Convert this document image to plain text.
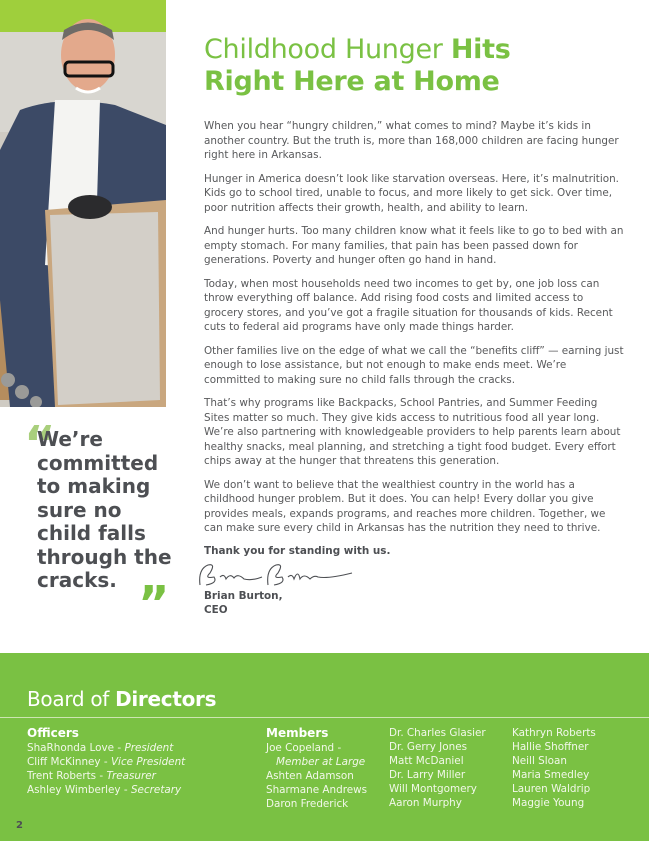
Childhood Hunger Hits
Right Here at Home

When you hear “hungry children,” what comes to mind? Maybe it’s kids in another country. But the truth is, more than 168,000 children are facing hunger right here in Arkansas.

Hunger in America doesn’t look like starvation overseas. Here, it’s malnutrition. Kids go to school tired, unable to focus, and more likely to get sick. Over time, poor nutrition affects their growth, health, and ability to learn.

And hunger hurts. Too many children know what it feels like to go to bed with an empty stomach. For many families, that pain has been passed down for generations. Poverty and hunger often go hand in hand.

Today, when most households need two incomes to get by, one job loss can throw everything off balance. Add rising food costs and limited access to grocery stores, and you’ve got a fragile situation for thousands of kids. Recent cuts to federal aid programs have only made things harder.

Other families live on the edge of what we call the “benefits cliff” — earning just enough to lose assistance, but not enough to make ends meet. We’re committed to making sure no child falls through the cracks.

That’s why programs like Backpacks, School Pantries, and Summer Feeding Sites matter so much. They give kids access to nutritious food all year long. We’re also partnering with knowledgeable providers to help parents learn about healthy snacks, meal planning, and stretching a tight food budget. Every effort chips away at the hunger that threatens this generation.

We don’t want to believe that the wealthiest country in the world has a childhood hunger problem. But it does. You can help! Every dollar you give provides meals, expands programs, and reaches more children. Together, we can make sure every child in Arkansas has the nutrition they need to thrive.

Thank you for standing with us.
Brian Burton,
CEO
“
We’re committed to making sure no child falls through the cracks. ”
Board of Directors
Officers
ShaRhonda Love - President
Cliff McKinney - Vice President
Trent Roberts - Treasurer
Ashley Wimberley - Secretary
Members
Joe Copeland -
Member at Large
Ashten Adamson
Sharmane Andrews
Daron Frederick
Dr. Charles Glasier
Dr. Gerry Jones
Matt McDaniel
Dr. Larry Miller
Will Montgomery
Aaron Murphy
Kathryn Roberts
Hallie Shoffner
Neill Sloan
Maria Smedley
Lauren Waldrip
Maggie Young
2
